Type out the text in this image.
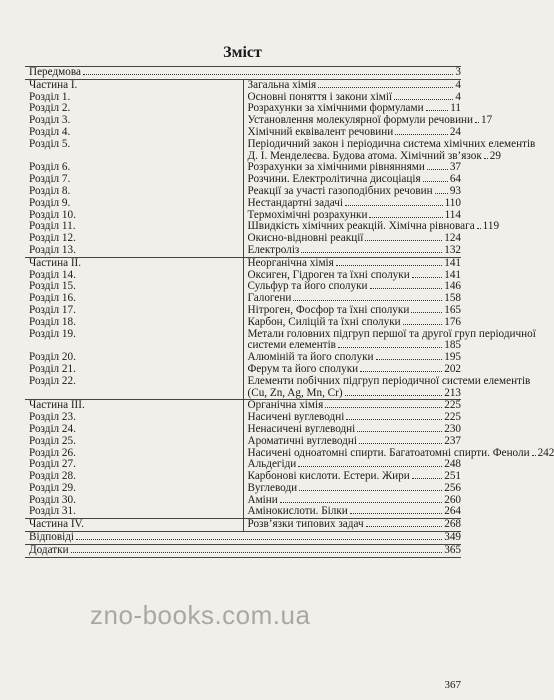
Зміст
Передмова 3	

Частина I.	Загальна хімія 4

Розділ 1.	Основні поняття і закони хімії 4

Розділ 2.	Розрахунки за хімічними формулами 11

Розділ 3.	Установлення молекулярної формули речовини 17

Розділ 4.	Хімічний еквівалент речовини 24

Розділ 5.	Періодичний закон і періодична система хімічних елементів
Д. І. Менделеєва. Будова атома. Хімічний зв’язок 29

Розділ 6.	Розрахунки за хімічними рівняннями 37

Розділ 7.	Розчини. Електролітична дисоціація 64

Розділ 8.	Реакції за участі газоподібних речовин 93

Розділ 9.	Нестандартні задачі 110

Розділ 10.	Термохімічні розрахунки 114

Розділ 11.	Швидкість хімічних реакцій. Хімічна рівновага 119

Розділ 12.	Окисно-відновні реакції 124

Розділ 13.	Електроліз 132

Частина II.	Неорганічна хімія 141

Розділ 14.	Оксиген, Гідроген та їхні сполуки 141

Розділ 15.	Сульфур та його сполуки 146

Розділ 16.	Галогени 158

Розділ 17.	Нітроген, Фосфор та їхні сполуки 165

Розділ 18.	Карбон, Силіцій та їхні сполуки 176

Розділ 19.	Метали головних підгруп першої та другої груп періодичної
системи елементів 185

Розділ 20.	Алюміній та його сполуки 195

Розділ 21.	Ферум та його сполуки 202

Розділ 22.	Елементи побічних підгруп періодичної системи елементів
(Cu, Zn, Ag, Mn, Cr) 213

Частина III.	Органічна хімія 225

Розділ 23.	Насичені вуглеводні 225

Розділ 24.	Ненасичені вуглеводні 230

Розділ 25.	Ароматичні вуглеводні 237

Розділ 26.	Насичені одноатомні спирти. Багатоатомні спирти. Феноли 242

Розділ 27.	Альдегіди 248

Розділ 28.	Карбонові кислоти. Естери. Жири 251

Розділ 29.	Вуглеводи 256

Розділ 30.	Аміни 260

Розділ 31.	Амінокислоти. Білки 264

Частина IV.	Розв’язки типових задач 268

Відповіді 349	

Додатки 365	
367
zno-books.com.ua
